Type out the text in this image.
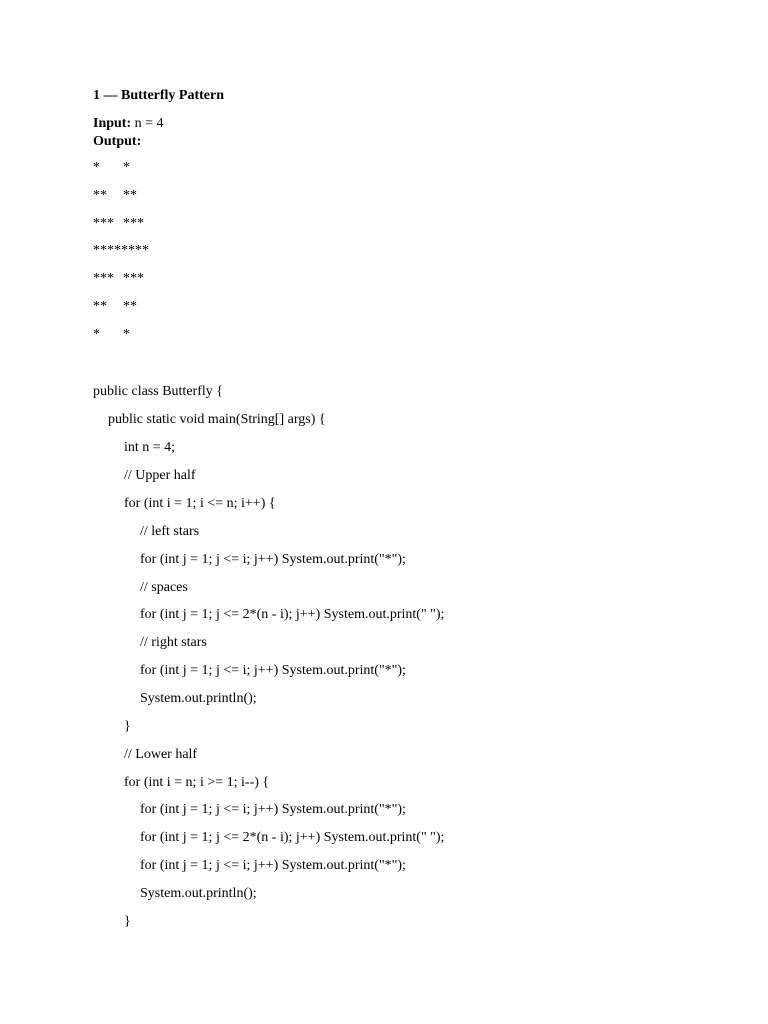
1 — Butterfly Pattern
Input: n = 4
Output:
* *
** **
*** ***
********
*** ***
** **
* *
public class Butterfly {
public static void main(String[] args) {
int n = 4;
// Upper half
for (int i = 1; i <= n; i++) {
// left stars
for (int j = 1; j <= i; j++) System.out.print("*");
// spaces
for (int j = 1; j <= 2*(n - i); j++) System.out.print(" ");
// right stars
for (int j = 1; j <= i; j++) System.out.print("*");
System.out.println();
}
// Lower half
for (int i = n; i >= 1; i--) {
for (int j = 1; j <= i; j++) System.out.print("*");
for (int j = 1; j <= 2*(n - i); j++) System.out.print(" ");
for (int j = 1; j <= i; j++) System.out.print("*");
System.out.println();
}
